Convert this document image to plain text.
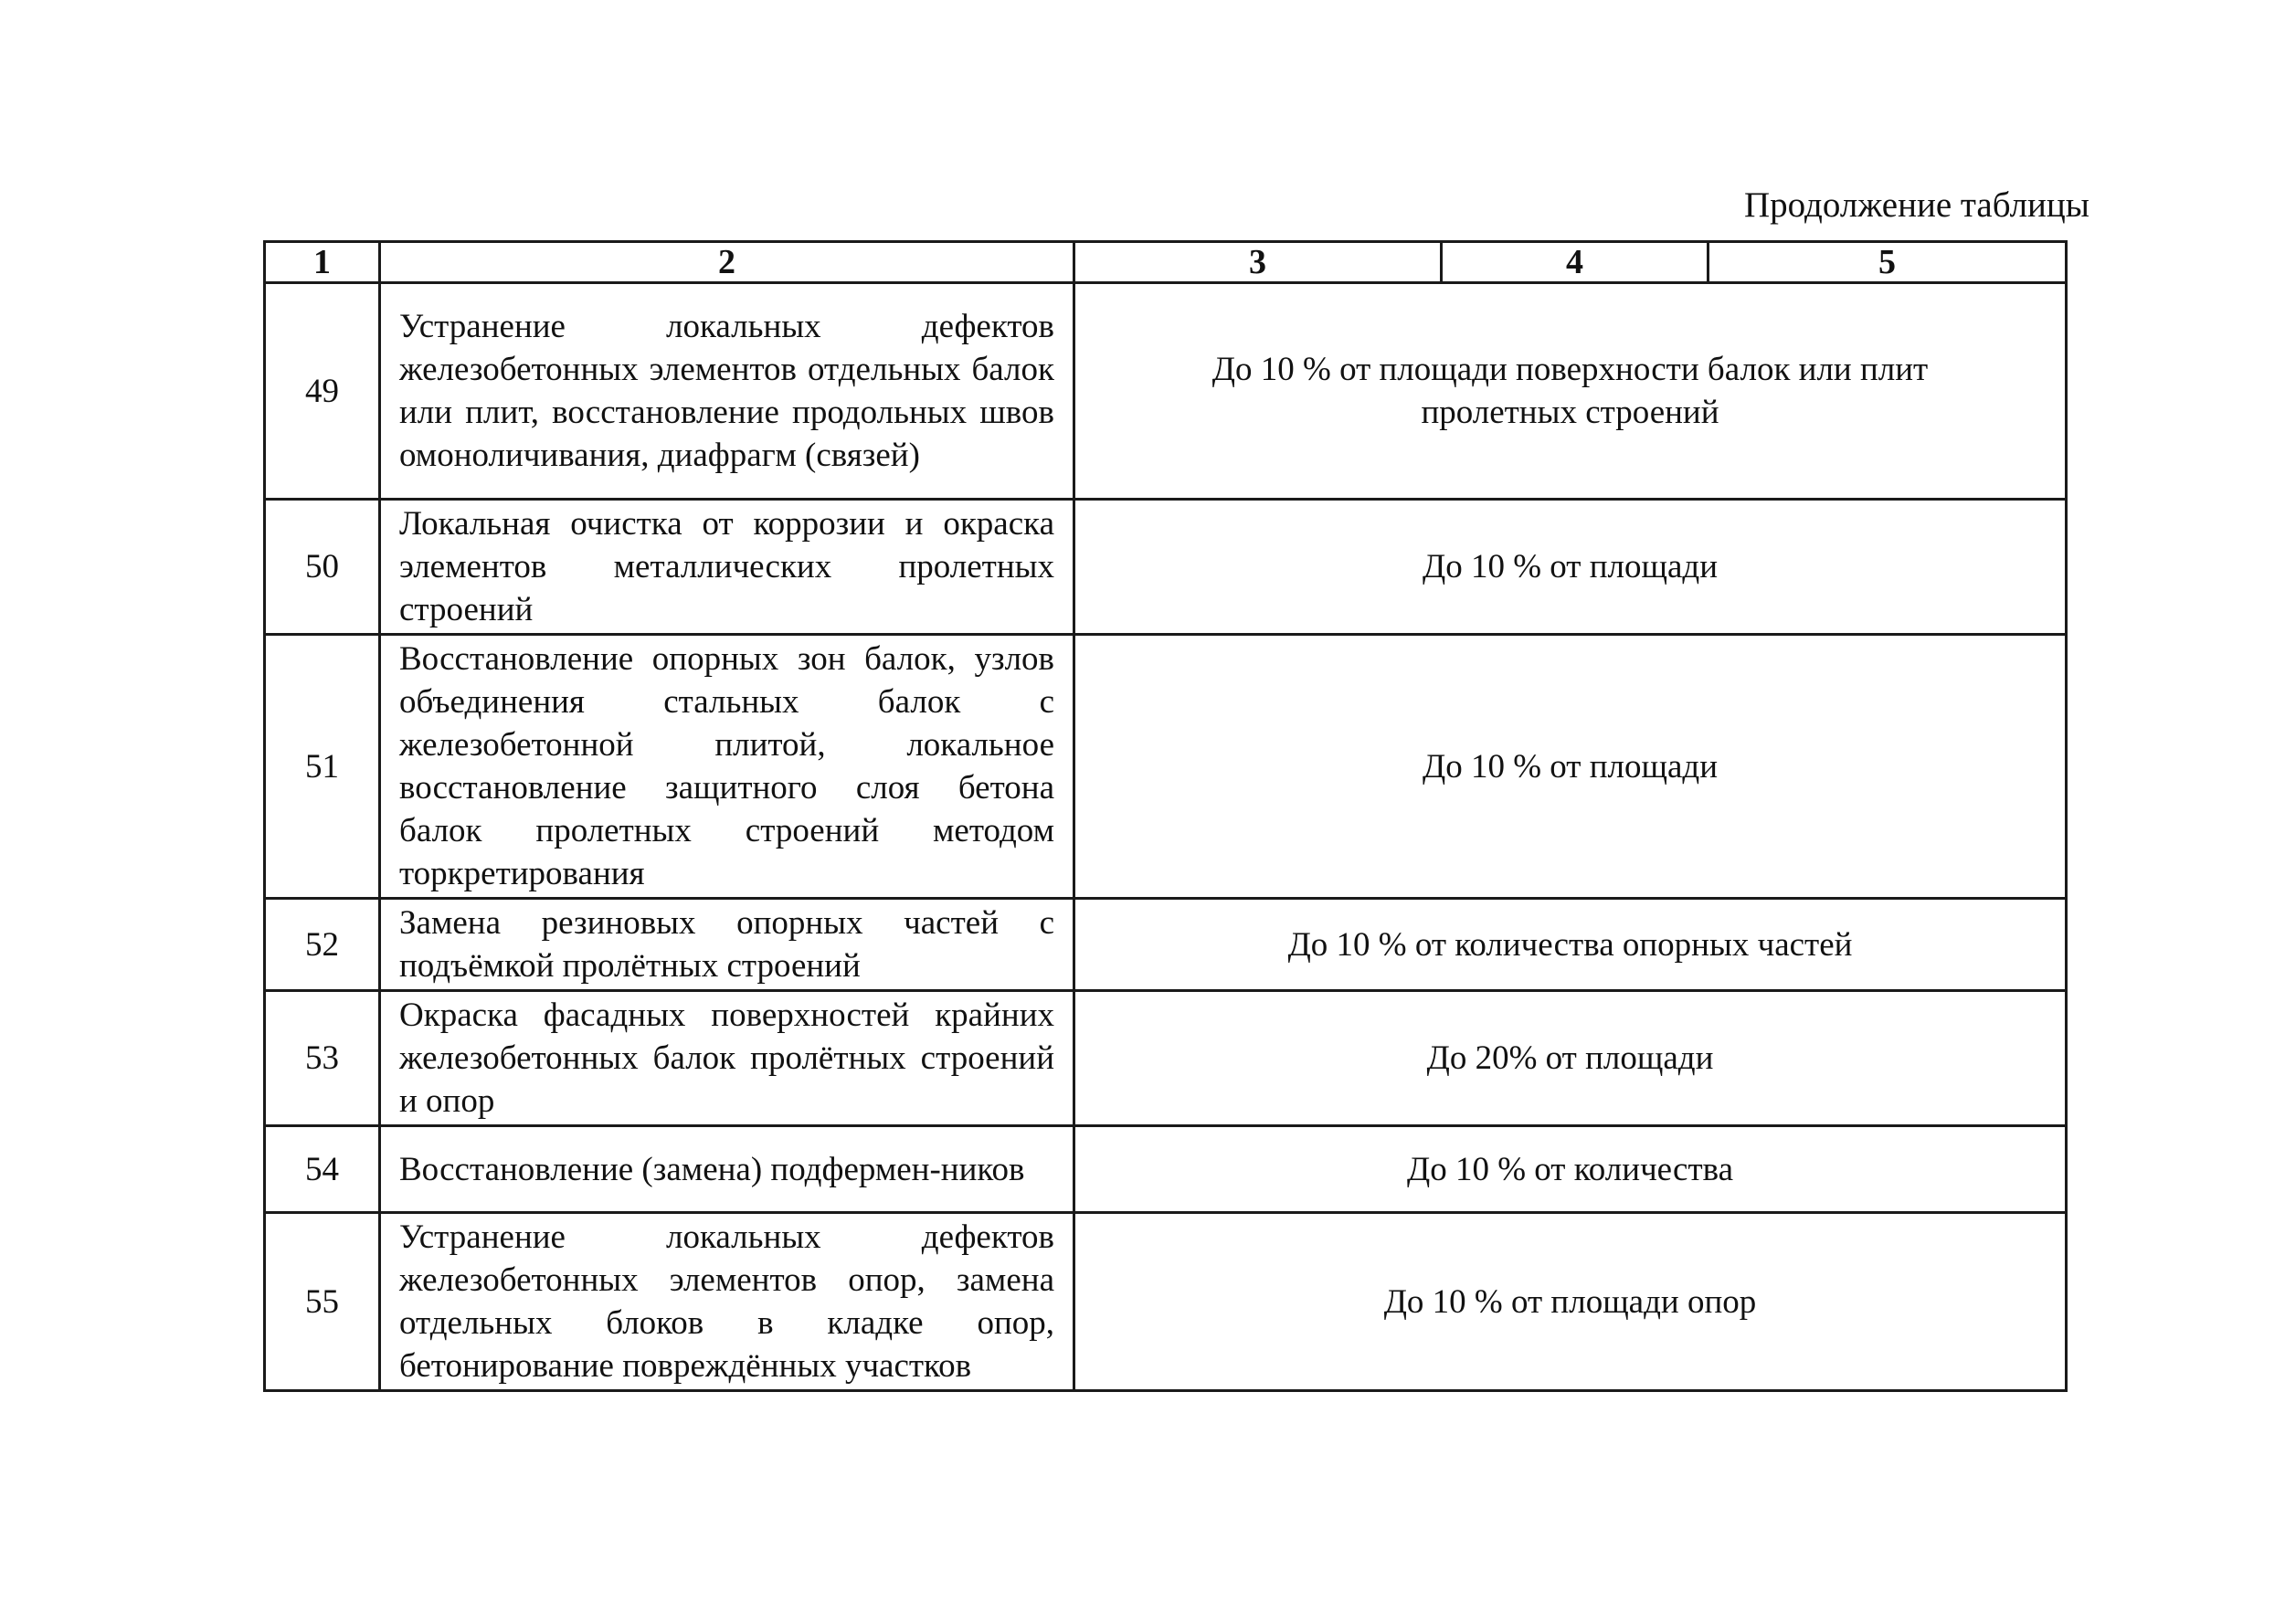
Продолжение таблицы
1	2	3	4	5
49	Устранение локальных дефектов железобетонных элементов отдельных балок или плит, восстановление продольных швов омоноличивания, диафрагм (связей)	До 10 % от площади поверхности балок или плит пролетных строений		
50	Локальная очистка от коррозии и окраска элементов металлических пролетных строений	До 10 % от площади		
51	Восстановление опорных зон балок, узлов объединения стальных балок с железобетонной плитой, локальное восстановление защитного слоя бетона балок пролетных строений методом торкретирования	До 10 % от площади		
52	Замена резиновых опорных частей с подъёмкой пролётных строений	До 10 % от количества опорных частей		
53	Окраска фасадных поверхностей крайних железобетонных балок пролётных строений и опор	До 20% от площади		
54	Восстановление (замена) подфермен-ников	До 10 % от количества		
55	Устранение локальных дефектов железобетонных элементов опор, замена отдельных блоков в кладке опор, бетонирование повреждённых участков	До 10 % от площади опор		
